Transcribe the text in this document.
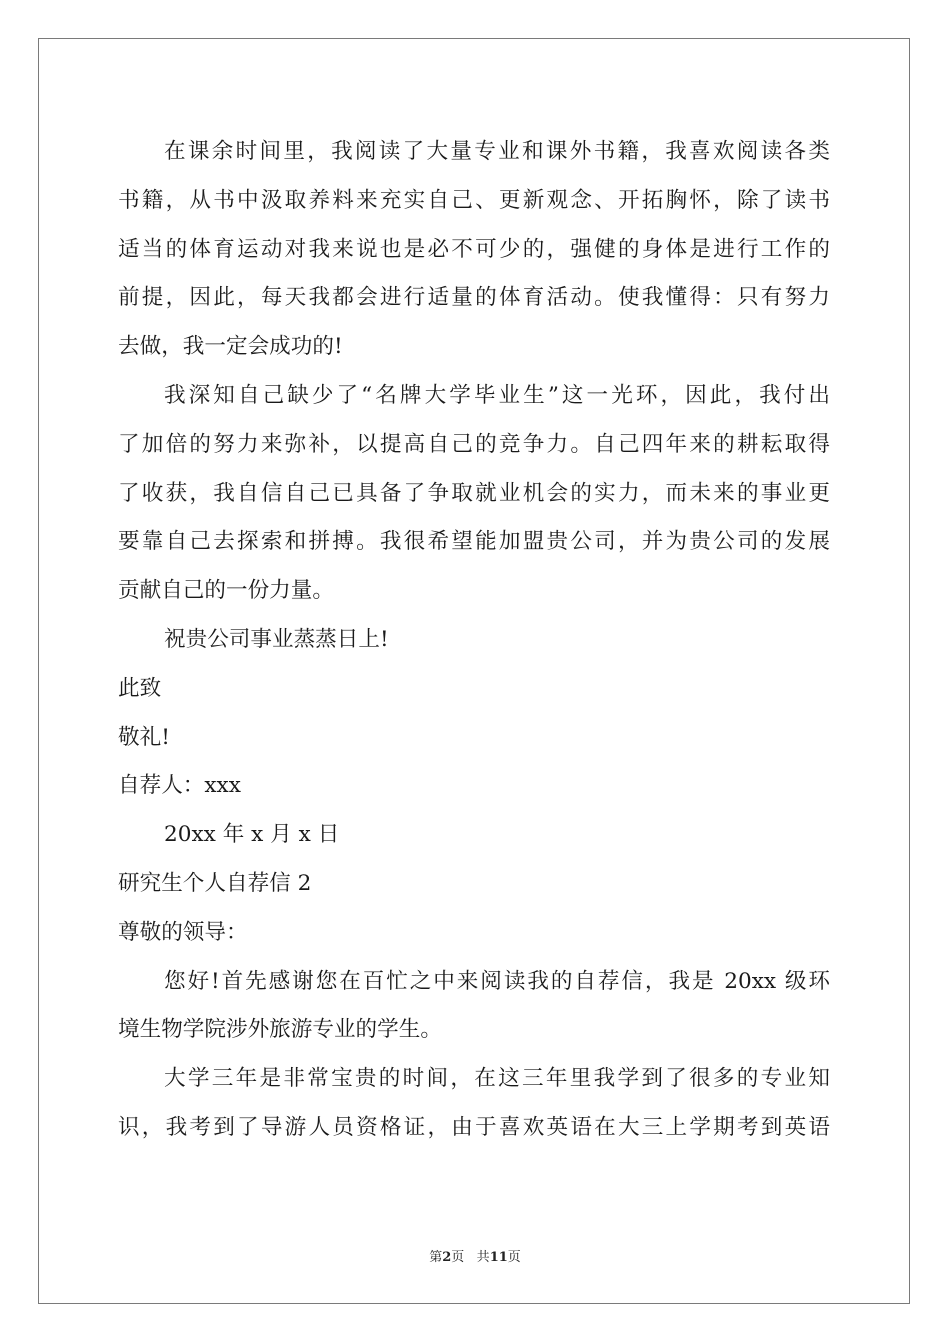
在课余时间里，我阅读了大量专业和课外书籍，我喜欢阅读各类
书籍，从书中汲取养料来充实自己、更新观念、开拓胸怀，除了读书
适当的体育运动对我来说也是必不可少的，强健的身体是进行工作的
前提，因此，每天我都会进行适量的体育活动。使我懂得：只有努力
去做，我一定会成功的!
我深知自己缺少了“名牌大学毕业生”这一光环，因此，我付出
了加倍的努力来弥补，以提高自己的竞争力。自己四年来的耕耘取得
了收获，我自信自己已具备了争取就业机会的实力，而未来的事业更
要靠自己去探索和拼搏。我很希望能加盟贵公司，并为贵公司的发展
贡献自己的一份力量。
祝贵公司事业蒸蒸日上!
此致
敬礼!
自荐人：xxx
20xx 年 x 月 x 日
研究生个人自荐信 2
尊敬的领导：
您好!首先感谢您在百忙之中来阅读我的自荐信，我是 20xx 级环
境生物学院涉外旅游专业的学生。
大学三年是非常宝贵的时间，在这三年里我学到了很多的专业知
识，我考到了导游人员资格证，由于喜欢英语在大三上学期考到英语
第2页 共11页
